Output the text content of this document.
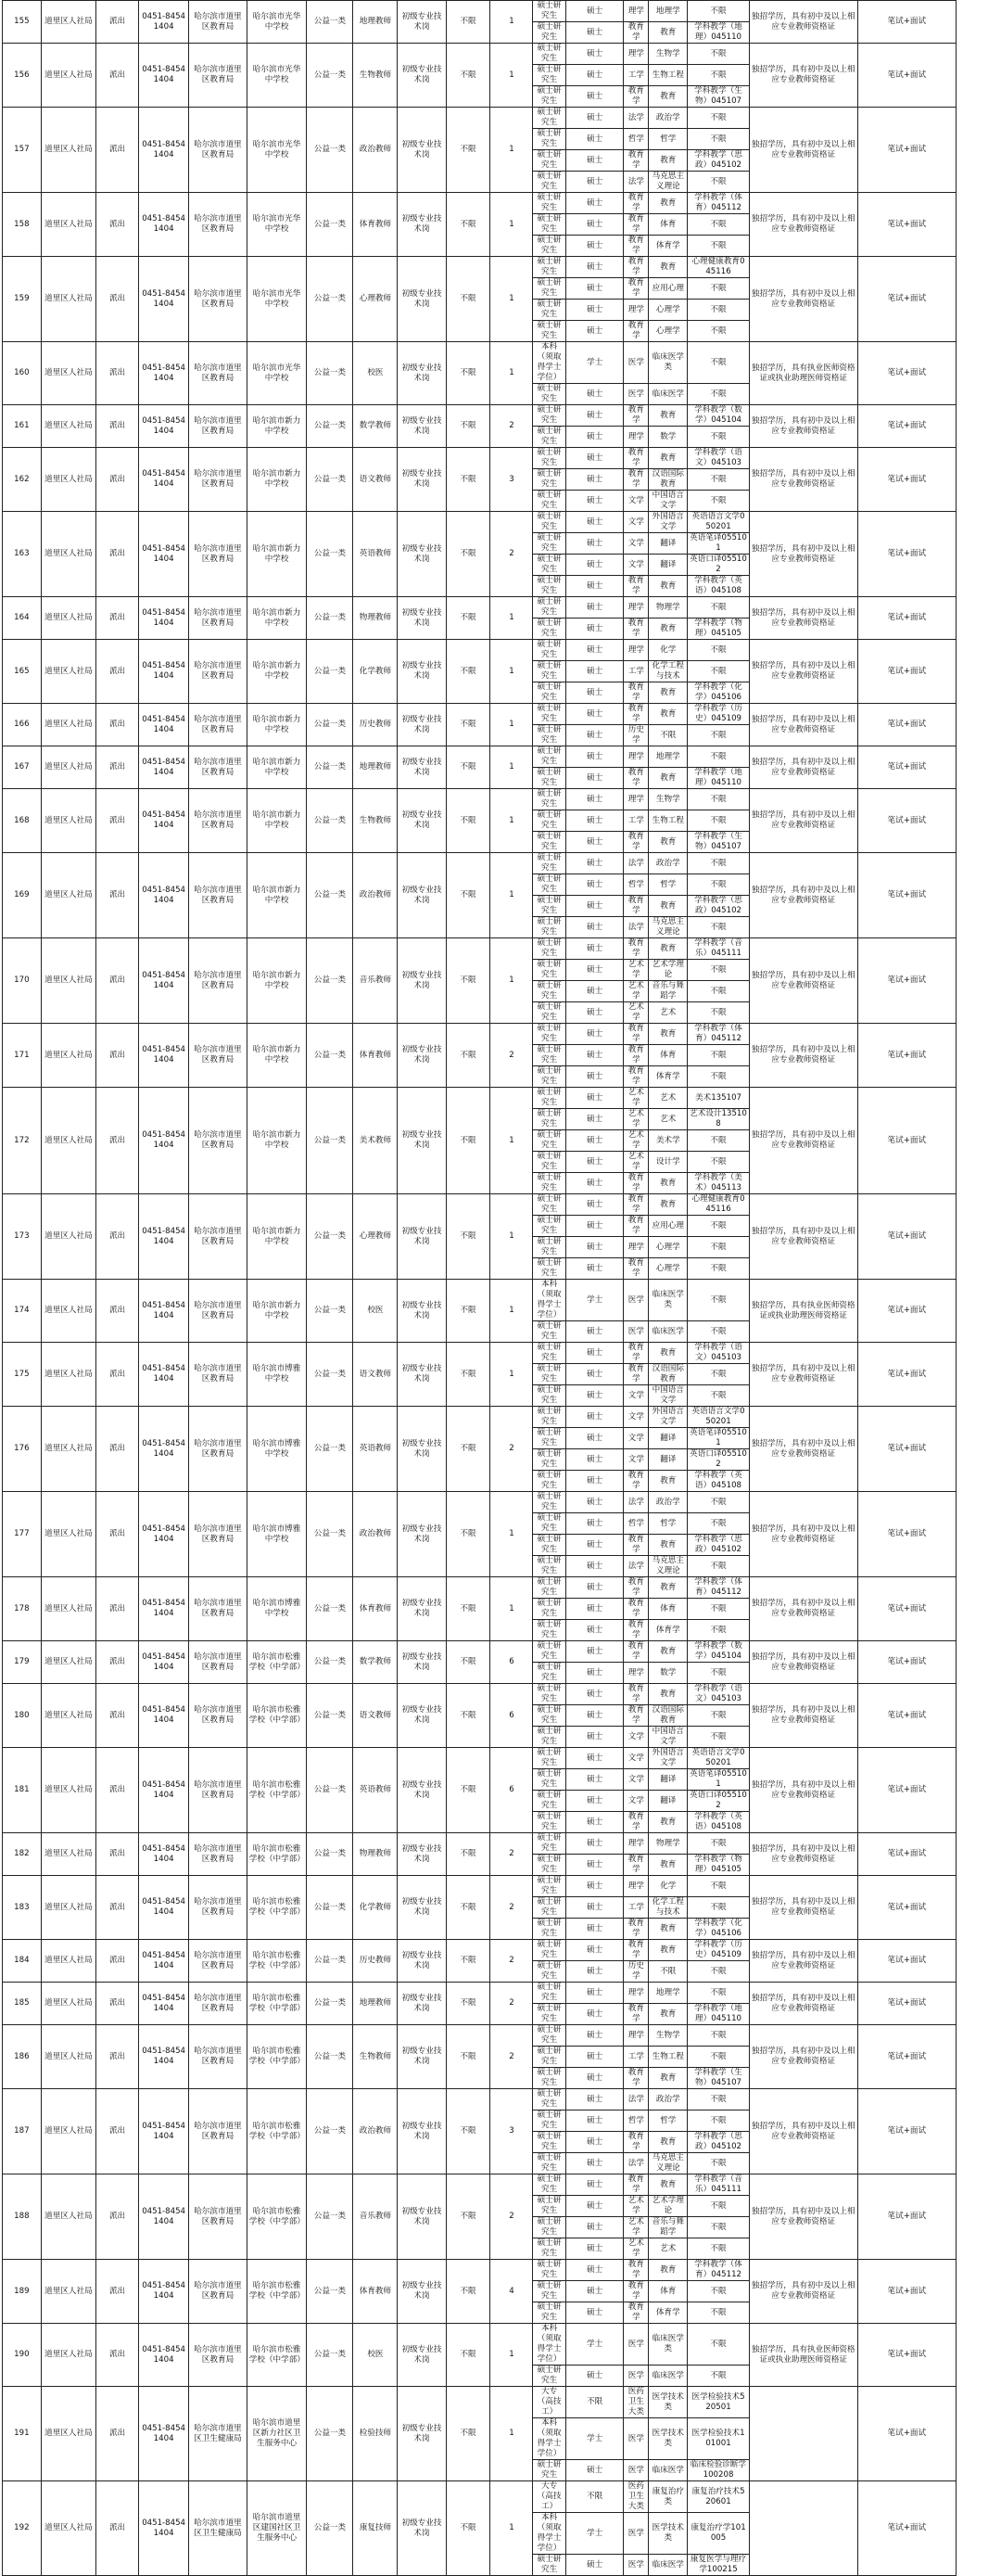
155	道里区人社局	派出	0451-84541404	哈尔滨市道里区教育局	哈尔滨市光华中学校	公益一类	地理教师	初级专业技术岗	不限	1	硕士研究生	硕士	理学	地理学	不限	独招学历，具有初中及以上相应专业教师资格证	笔试+面试
											硕士研究生	硕士	教育学	教育	学科教学（地理）045110		
156	道里区人社局	派出	0451-84541404	哈尔滨市道里区教育局	哈尔滨市光华中学校	公益一类	生物教师	初级专业技术岗	不限	1	硕士研究生	硕士	理学	生物学	不限	独招学历，具有初中及以上相应专业教师资格证	笔试+面试
											硕士研究生	硕士	工学	生物工程	不限		
											硕士研究生	硕士	教育学	教育	学科教学（生物）045107		
157	道里区人社局	派出	0451-84541404	哈尔滨市道里区教育局	哈尔滨市光华中学校	公益一类	政治教师	初级专业技术岗	不限	1	硕士研究生	硕士	法学	政治学	不限	独招学历，具有初中及以上相应专业教师资格证	笔试+面试
											硕士研究生	硕士	哲学	哲学	不限		
											硕士研究生	硕士	教育学	教育	学科教学（思政）045102		
											硕士研究生	硕士	法学	马克思主义理论	不限		
158	道里区人社局	派出	0451-84541404	哈尔滨市道里区教育局	哈尔滨市光华中学校	公益一类	体育教师	初级专业技术岗	不限	1	硕士研究生	硕士	教育学	教育	学科教学（体育）045112	独招学历，具有初中及以上相应专业教师资格证	笔试+面试
											硕士研究生	硕士	教育学	体育	不限		
											硕士研究生	硕士	教育学	体育学	不限		
159	道里区人社局	派出	0451-84541404	哈尔滨市道里区教育局	哈尔滨市光华中学校	公益一类	心理教师	初级专业技术岗	不限	1	硕士研究生	硕士	教育学	教育	心理健康教育045116	独招学历，具有初中及以上相应专业教师资格证	笔试+面试
											硕士研究生	硕士	教育学	应用心理	不限		
											硕士研究生	硕士	理学	心理学	不限		
											硕士研究生	硕士	教育学	心理学	不限		
160	道里区人社局	派出	0451-84541404	哈尔滨市道里区教育局	哈尔滨市光华中学校	公益一类	校医	初级专业技术岗	不限	1	本科（须取得学士学位）	学士	医学	临床医学类	不限	独招学历，具有执业医师资格证或执业助理医师资格证	笔试+面试
											硕士研究生	硕士	医学	临床医学	不限		
161	道里区人社局	派出	0451-84541404	哈尔滨市道里区教育局	哈尔滨市新力中学校	公益一类	数学教师	初级专业技术岗	不限	2	硕士研究生	硕士	教育学	教育	学科教学（数学）045104	独招学历，具有初中及以上相应专业教师资格证	笔试+面试
											硕士研究生	硕士	理学	数学	不限		
162	道里区人社局	派出	0451-84541404	哈尔滨市道里区教育局	哈尔滨市新力中学校	公益一类	语文教师	初级专业技术岗	不限	3	硕士研究生	硕士	教育学	教育	学科教学（语文）045103	独招学历，具有初中及以上相应专业教师资格证	笔试+面试
											硕士研究生	硕士	教育学	汉语国际教育	不限		
											硕士研究生	硕士	文学	中国语言文学	不限		
163	道里区人社局	派出	0451-84541404	哈尔滨市道里区教育局	哈尔滨市新力中学校	公益一类	英语教师	初级专业技术岗	不限	2	硕士研究生	硕士	文学	外国语言文学	英语语言文学050201	独招学历，具有初中及以上相应专业教师资格证	笔试+面试
											硕士研究生	硕士	文学	翻译	英语笔译055101		
											硕士研究生	硕士	文学	翻译	英语口译055102		
											硕士研究生	硕士	教育学	教育	学科教学（英语）045108		
164	道里区人社局	派出	0451-84541404	哈尔滨市道里区教育局	哈尔滨市新力中学校	公益一类	物理教师	初级专业技术岗	不限	1	硕士研究生	硕士	理学	物理学	不限	独招学历，具有初中及以上相应专业教师资格证	笔试+面试
											硕士研究生	硕士	教育学	教育	学科教学（物理）045105		
165	道里区人社局	派出	0451-84541404	哈尔滨市道里区教育局	哈尔滨市新力中学校	公益一类	化学教师	初级专业技术岗	不限	1	硕士研究生	硕士	理学	化学	不限	独招学历，具有初中及以上相应专业教师资格证	笔试+面试
											硕士研究生	硕士	工学	化学工程与技术	不限		
											硕士研究生	硕士	教育学	教育	学科教学（化学）045106		
166	道里区人社局	派出	0451-84541404	哈尔滨市道里区教育局	哈尔滨市新力中学校	公益一类	历史教师	初级专业技术岗	不限	1	硕士研究生	硕士	教育学	教育	学科教学（历史）045109	独招学历，具有初中及以上相应专业教师资格证	笔试+面试
											硕士研究生	硕士	历史学	不限	不限		
167	道里区人社局	派出	0451-84541404	哈尔滨市道里区教育局	哈尔滨市新力中学校	公益一类	地理教师	初级专业技术岗	不限	1	硕士研究生	硕士	理学	地理学	不限	独招学历，具有初中及以上相应专业教师资格证	笔试+面试
											硕士研究生	硕士	教育学	教育	学科教学（地理）045110		
168	道里区人社局	派出	0451-84541404	哈尔滨市道里区教育局	哈尔滨市新力中学校	公益一类	生物教师	初级专业技术岗	不限	1	硕士研究生	硕士	理学	生物学	不限	独招学历，具有初中及以上相应专业教师资格证	笔试+面试
											硕士研究生	硕士	工学	生物工程	不限		
											硕士研究生	硕士	教育学	教育	学科教学（生物）045107		
169	道里区人社局	派出	0451-84541404	哈尔滨市道里区教育局	哈尔滨市新力中学校	公益一类	政治教师	初级专业技术岗	不限	1	硕士研究生	硕士	法学	政治学	不限	独招学历，具有初中及以上相应专业教师资格证	笔试+面试
											硕士研究生	硕士	哲学	哲学	不限		
											硕士研究生	硕士	教育学	教育	学科教学（思政）045102		
											硕士研究生	硕士	法学	马克思主义理论	不限		
170	道里区人社局	派出	0451-84541404	哈尔滨市道里区教育局	哈尔滨市新力中学校	公益一类	音乐教师	初级专业技术岗	不限	1	硕士研究生	硕士	教育学	教育	学科教学（音乐）045111	独招学历，具有初中及以上相应专业教师资格证	笔试+面试
											硕士研究生	硕士	艺术学	艺术学理论	不限		
											硕士研究生	硕士	艺术学	音乐与舞蹈学	不限		
											硕士研究生	硕士	艺术学	艺术	不限		
171	道里区人社局	派出	0451-84541404	哈尔滨市道里区教育局	哈尔滨市新力中学校	公益一类	体育教师	初级专业技术岗	不限	2	硕士研究生	硕士	教育学	教育	学科教学（体育）045112	独招学历，具有初中及以上相应专业教师资格证	笔试+面试
											硕士研究生	硕士	教育学	体育	不限		
											硕士研究生	硕士	教育学	体育学	不限		
172	道里区人社局	派出	0451-84541404	哈尔滨市道里区教育局	哈尔滨市新力中学校	公益一类	美术教师	初级专业技术岗	不限	1	硕士研究生	硕士	艺术学	艺术	美术135107	独招学历，具有初中及以上相应专业教师资格证	笔试+面试
											硕士研究生	硕士	艺术学	艺术	艺术设计135108		
											硕士研究生	硕士	艺术学	美术学	不限		
											硕士研究生	硕士	艺术学	设计学	不限		
											硕士研究生	硕士	教育学	教育	学科教学（美术）045113		
173	道里区人社局	派出	0451-84541404	哈尔滨市道里区教育局	哈尔滨市新力中学校	公益一类	心理教师	初级专业技术岗	不限	1	硕士研究生	硕士	教育学	教育	心理健康教育045116	独招学历，具有初中及以上相应专业教师资格证	笔试+面试
											硕士研究生	硕士	教育学	应用心理	不限		
											硕士研究生	硕士	理学	心理学	不限		
											硕士研究生	硕士	教育学	心理学	不限		
174	道里区人社局	派出	0451-84541404	哈尔滨市道里区教育局	哈尔滨市新力中学校	公益一类	校医	初级专业技术岗	不限	1	本科（须取得学士学位）	学士	医学	临床医学类	不限	独招学历，具有执业医师资格证或执业助理医师资格证	笔试+面试
											硕士研究生	硕士	医学	临床医学	不限		
175	道里区人社局	派出	0451-84541404	哈尔滨市道里区教育局	哈尔滨市博雅中学校	公益一类	语文教师	初级专业技术岗	不限	1	硕士研究生	硕士	教育学	教育	学科教学（语文）045103	独招学历，具有初中及以上相应专业教师资格证	笔试+面试
											硕士研究生	硕士	教育学	汉语国际教育	不限		
											硕士研究生	硕士	文学	中国语言文学	不限		
176	道里区人社局	派出	0451-84541404	哈尔滨市道里区教育局	哈尔滨市博雅中学校	公益一类	英语教师	初级专业技术岗	不限	2	硕士研究生	硕士	文学	外国语言文学	英语语言文学050201	独招学历，具有初中及以上相应专业教师资格证	笔试+面试
											硕士研究生	硕士	文学	翻译	英语笔译055101		
											硕士研究生	硕士	文学	翻译	英语口译055102		
											硕士研究生	硕士	教育学	教育	学科教学（英语）045108		
177	道里区人社局	派出	0451-84541404	哈尔滨市道里区教育局	哈尔滨市博雅中学校	公益一类	政治教师	初级专业技术岗	不限	1	硕士研究生	硕士	法学	政治学	不限	独招学历，具有初中及以上相应专业教师资格证	笔试+面试
											硕士研究生	硕士	哲学	哲学	不限		
											硕士研究生	硕士	教育学	教育	学科教学（思政）045102		
											硕士研究生	硕士	法学	马克思主义理论	不限		
178	道里区人社局	派出	0451-84541404	哈尔滨市道里区教育局	哈尔滨市博雅中学校	公益一类	体育教师	初级专业技术岗	不限	1	硕士研究生	硕士	教育学	教育	学科教学（体育）045112	独招学历，具有初中及以上相应专业教师资格证	笔试+面试
											硕士研究生	硕士	教育学	体育	不限		
											硕士研究生	硕士	教育学	体育学	不限		
179	道里区人社局	派出	0451-84541404	哈尔滨市道里区教育局	哈尔滨市松雅学校（中学部）	公益一类	数学教师	初级专业技术岗	不限	6	硕士研究生	硕士	教育学	教育	学科教学（数学）045104	独招学历，具有初中及以上相应专业教师资格证	笔试+面试
											硕士研究生	硕士	理学	数学	不限		
180	道里区人社局	派出	0451-84541404	哈尔滨市道里区教育局	哈尔滨市松雅学校（中学部）	公益一类	语文教师	初级专业技术岗	不限	6	硕士研究生	硕士	教育学	教育	学科教学（语文）045103	独招学历，具有初中及以上相应专业教师资格证	笔试+面试
											硕士研究生	硕士	教育学	汉语国际教育	不限		
											硕士研究生	硕士	文学	中国语言文学	不限		
181	道里区人社局	派出	0451-84541404	哈尔滨市道里区教育局	哈尔滨市松雅学校（中学部）	公益一类	英语教师	初级专业技术岗	不限	6	硕士研究生	硕士	文学	外国语言文学	英语语言文学050201	独招学历，具有初中及以上相应专业教师资格证	笔试+面试
											硕士研究生	硕士	文学	翻译	英语笔译055101		
											硕士研究生	硕士	文学	翻译	英语口译055102		
											硕士研究生	硕士	教育学	教育	学科教学（英语）045108		
182	道里区人社局	派出	0451-84541404	哈尔滨市道里区教育局	哈尔滨市松雅学校（中学部）	公益一类	物理教师	初级专业技术岗	不限	2	硕士研究生	硕士	理学	物理学	不限	独招学历，具有初中及以上相应专业教师资格证	笔试+面试
											硕士研究生	硕士	教育学	教育	学科教学（物理）045105		
183	道里区人社局	派出	0451-84541404	哈尔滨市道里区教育局	哈尔滨市松雅学校（中学部）	公益一类	化学教师	初级专业技术岗	不限	2	硕士研究生	硕士	理学	化学	不限	独招学历，具有初中及以上相应专业教师资格证	笔试+面试
											硕士研究生	硕士	工学	化学工程与技术	不限		
											硕士研究生	硕士	教育学	教育	学科教学（化学）045106		
184	道里区人社局	派出	0451-84541404	哈尔滨市道里区教育局	哈尔滨市松雅学校（中学部）	公益一类	历史教师	初级专业技术岗	不限	2	硕士研究生	硕士	教育学	教育	学科教学（历史）045109	独招学历，具有初中及以上相应专业教师资格证	笔试+面试
											硕士研究生	硕士	历史学	不限	不限		
185	道里区人社局	派出	0451-84541404	哈尔滨市道里区教育局	哈尔滨市松雅学校（中学部）	公益一类	地理教师	初级专业技术岗	不限	2	硕士研究生	硕士	理学	地理学	不限	独招学历，具有初中及以上相应专业教师资格证	笔试+面试
											硕士研究生	硕士	教育学	教育	学科教学（地理）045110		
186	道里区人社局	派出	0451-84541404	哈尔滨市道里区教育局	哈尔滨市松雅学校（中学部）	公益一类	生物教师	初级专业技术岗	不限	2	硕士研究生	硕士	理学	生物学	不限	独招学历，具有初中及以上相应专业教师资格证	笔试+面试
											硕士研究生	硕士	工学	生物工程	不限		
											硕士研究生	硕士	教育学	教育	学科教学（生物）045107		
187	道里区人社局	派出	0451-84541404	哈尔滨市道里区教育局	哈尔滨市松雅学校（中学部）	公益一类	政治教师	初级专业技术岗	不限	3	硕士研究生	硕士	法学	政治学	不限	独招学历，具有初中及以上相应专业教师资格证	笔试+面试
											硕士研究生	硕士	哲学	哲学	不限		
											硕士研究生	硕士	教育学	教育	学科教学（思政）045102		
											硕士研究生	硕士	法学	马克思主义理论	不限		
188	道里区人社局	派出	0451-84541404	哈尔滨市道里区教育局	哈尔滨市松雅学校（中学部）	公益一类	音乐教师	初级专业技术岗	不限	2	硕士研究生	硕士	教育学	教育	学科教学（音乐）045111	独招学历，具有初中及以上相应专业教师资格证	笔试+面试
											硕士研究生	硕士	艺术学	艺术学理论	不限		
											硕士研究生	硕士	艺术学	音乐与舞蹈学	不限		
											硕士研究生	硕士	艺术学	艺术	不限		
189	道里区人社局	派出	0451-84541404	哈尔滨市道里区教育局	哈尔滨市松雅学校（中学部）	公益一类	体育教师	初级专业技术岗	不限	4	硕士研究生	硕士	教育学	教育	学科教学（体育）045112	独招学历，具有初中及以上相应专业教师资格证	笔试+面试
											硕士研究生	硕士	教育学	体育	不限		
											硕士研究生	硕士	教育学	体育学	不限		
190	道里区人社局	派出	0451-84541404	哈尔滨市道里区教育局	哈尔滨市松雅学校（中学部）	公益一类	校医	初级专业技术岗	不限	1	本科（须取得学士学位）	学士	医学	临床医学类	不限	独招学历，具有执业医师资格证或执业助理医师资格证	笔试+面试
											硕士研究生	硕士	医学	临床医学	不限		
191	道里区人社局	派出	0451-84541404	哈尔滨市道里区卫生健康局	哈尔滨市道里区新力社区卫生服务中心	公益一类	检验技师	初级专业技术岗	不限	1	大专（高技工）	不限	医药卫生大类	医学技术类	医学检验技术520501		笔试+面试
											本科（须取得学士学位）	学士	医学	医学技术类	医学检验技术101001		
											硕士研究生	硕士	医学	临床医学	临床检验诊断学100208		
192	道里区人社局	派出	0451-84541404	哈尔滨市道里区卫生健康局	哈尔滨市道里区建国社区卫生服务中心	公益一类	康复技师	初级专业技术岗	不限	1	大专（高技工）	不限	医药卫生大类	康复治疗类	康复治疗技术520601		笔试+面试
											本科（须取得学士学位）	学士	医学	医学技术类	康复治疗学101005		
											硕士研究生	硕士	医学	临床医学	康复医学与理疗学100215		
